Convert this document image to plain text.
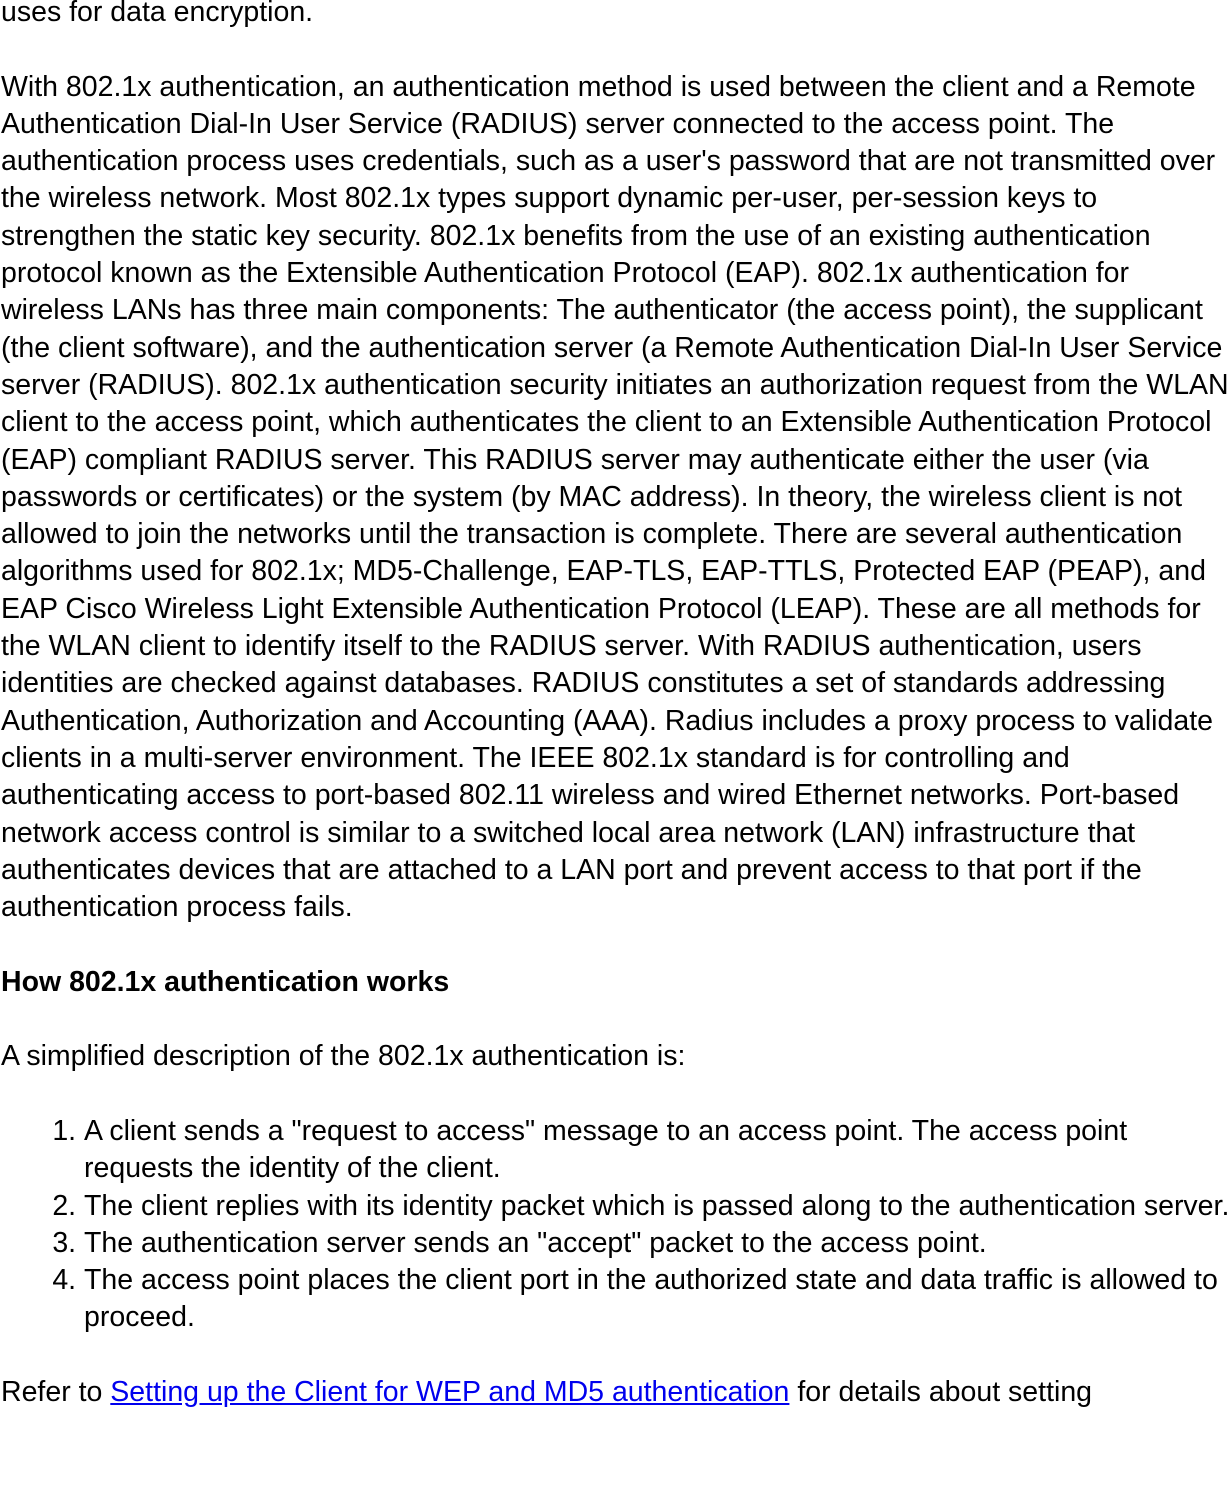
uses for data encryption.

With 802.1x authentication, an authentication method is used between the client and a Remote Authentication Dial-In User Service (RADIUS) server connected to the access point. The authentication process uses credentials, such as a user's password that are not transmitted over the wireless network. Most 802.1x types support dynamic per-user, per-session keys to strengthen the static key security. 802.1x benefits from the use of an existing authentication protocol known as the Extensible Authentication Protocol (EAP). 802.1x authentication for wireless LANs has three main components: The authenticator (the access point), the supplicant (the client software), and the authentication server (a Remote Authentication Dial-In User Service server (RADIUS). 802.1x authentication security initiates an authorization request from the WLAN client to the access point, which authenticates the client to an Extensible Authentication Protocol (EAP) compliant RADIUS server. This RADIUS server may authenticate either the user (via passwords or certificates) or the system (by MAC address). In theory, the wireless client is not allowed to join the networks until the transaction is complete. There are several authentication algorithms used for 802.1x; MD5-Challenge, EAP-TLS, EAP-TTLS, Protected EAP (PEAP), and EAP Cisco Wireless Light Extensible Authentication Protocol (LEAP). These are all methods for the WLAN client to identify itself to the RADIUS server. With RADIUS authentication, users identities are checked against databases. RADIUS constitutes a set of standards addressing Authentication, Authorization and Accounting (AAA). Radius includes a proxy process to validate clients in a multi-server environment. The IEEE 802.1x standard is for controlling and authenticating access to port-based 802.11 wireless and wired Ethernet networks. Port-based network access control is similar to a switched local area network (LAN) infrastructure that authenticates devices that are attached to a LAN port and prevent access to that port if the authentication process fails.

How 802.1x authentication works

A simplified description of the 802.1x authentication is:

1. A client sends a "request to access" message to an access point. The access point requests the identity of the client.
2. The client replies with its identity packet which is passed along to the authentication server.
3. The authentication server sends an "accept" packet to the access point.
4. The access point places the client port in the authorized state and data traffic is allowed to proceed.

Refer to Setting up the Client for WEP and MD5 authentication for details about setting
